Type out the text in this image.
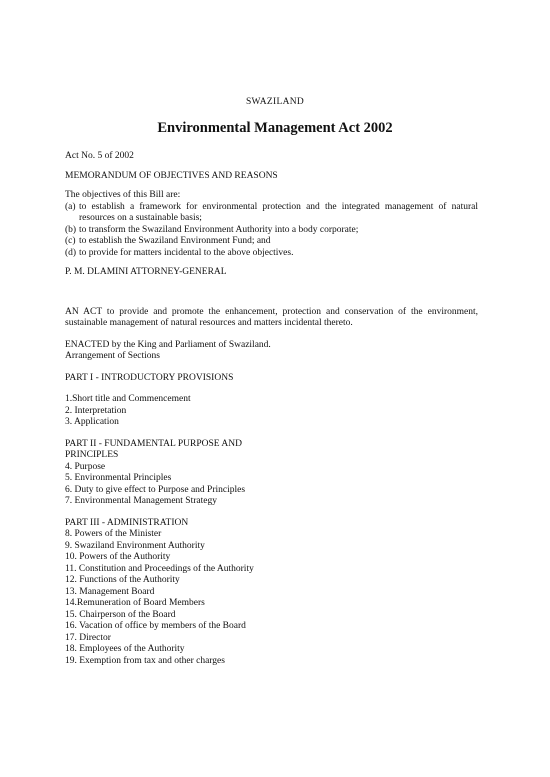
SWAZILAND
Environmental Management Act 2002

Act No. 5 of 2002

MEMORANDUM OF OBJECTIVES AND REASONS

The objectives of this Bill are:

(a) to establish a framework for environmental protection and the integrated management of natural resources on a sustainable basis;
(b) to transform the Swaziland Environment Authority into a body corporate;
(c) to establish the Swaziland Environment Fund; and
(d) to provide for matters incidental to the above objectives.

P. M. DLAMINI ATTORNEY-GENERAL

AN ACT to provide and promote the enhancement, protection and conservation of the environment, sustainable management of natural resources and matters incidental thereto.

ENACTED by the King and Parliament of Swaziland.

Arrangement of Sections

PART I - INTRODUCTORY PROVISIONS

1.Short title and Commencement

2. Interpretation

3. Application

PART II - FUNDAMENTAL PURPOSE AND PRINCIPLES

4. Purpose

5. Environmental Principles

6. Duty to give effect to Purpose and Principles

7. Environmental Management Strategy

PART III - ADMINISTRATION

8. Powers of the Minister

9. Swaziland Environment Authority

10. Powers of the Authority

11. Constitution and Proceedings of the Authority

12. Functions of the Authority

13. Management Board

14.Remuneration of Board Members

15. Chairperson of the Board

16. Vacation of office by members of the Board

17. Director

18. Employees of the Authority

19. Exemption from tax and other charges
